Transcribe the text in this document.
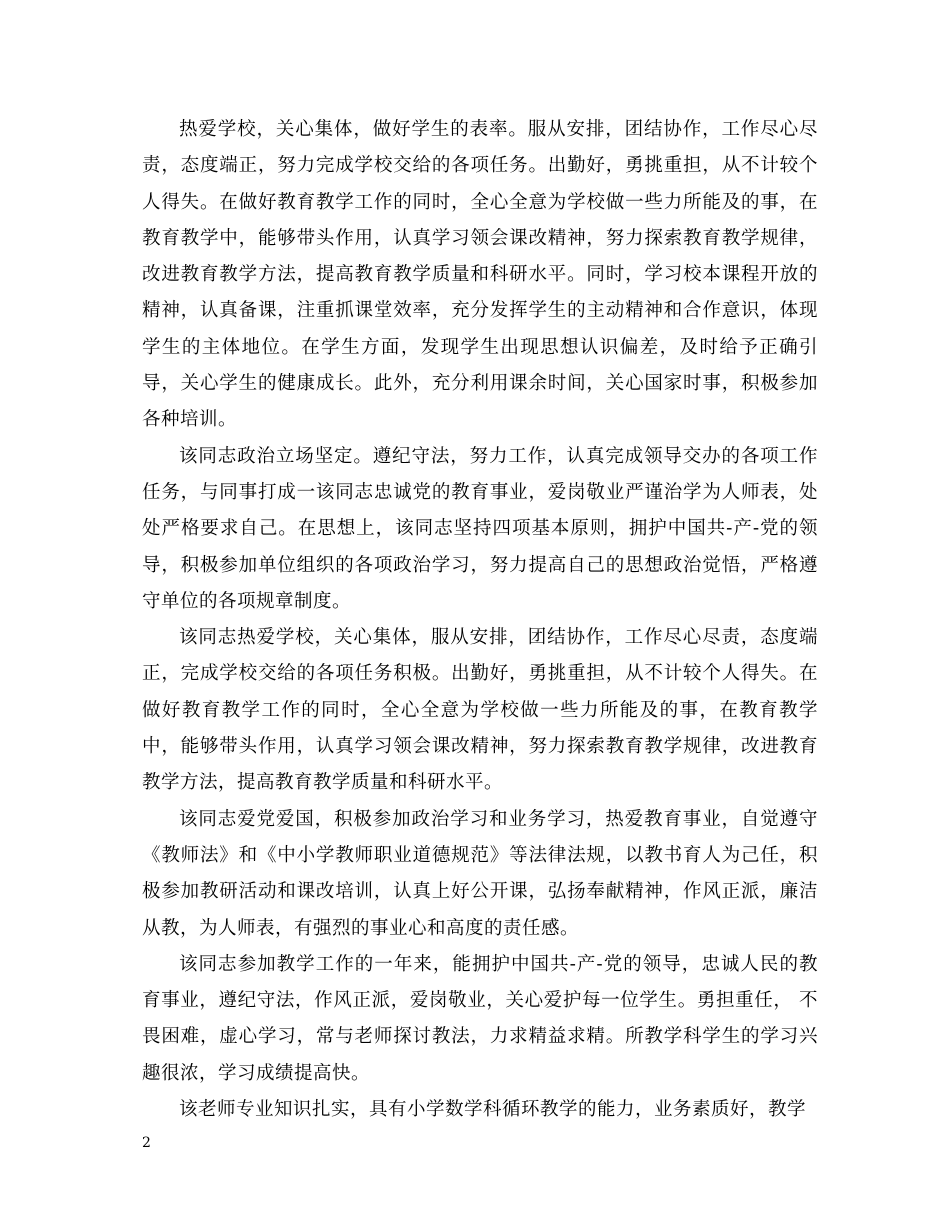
热爱学校，关心集体，做好学生的表率。服从安排，团结协作，工作尽心尽责，态度端正，努力完成学校交给的各项任务。出勤好，勇挑重担，从不计较个人得失。在做好教育教学工作的同时，全心全意为学校做一些力所能及的事，在教育教学中，能够带头作用，认真学习领会课改精神，努力探索教育教学规律，改进教育教学方法，提高教育教学质量和科研水平。同时，学习校本课程开放的精神，认真备课，注重抓课堂效率，充分发挥学生的主动精神和合作意识，体现学生的主体地位。在学生方面，发现学生出现思想认识偏差，及时给予正确引导，关心学生的健康成长。此外，充分利用课余时间，关心国家时事，积极参加各种培训。

该同志政治立场坚定。遵纪守法，努力工作，认真完成领导交办的各项工作任务，与同事打成一该同志忠诚党的教育事业，爱岗敬业严谨治学为人师表，处处严格要求自己。在思想上，该同志坚持四项基本原则，拥护中国共-产-党的领导，积极参加单位组织的各项政治学习，努力提高自己的思想政治觉悟，严格遵守单位的各项规章制度。

该同志热爱学校，关心集体，服从安排，团结协作，工作尽心尽责，态度端正，完成学校交给的各项任务积极。出勤好，勇挑重担，从不计较个人得失。在做好教育教学工作的同时，全心全意为学校做一些力所能及的事，在教育教学中，能够带头作用，认真学习领会课改精神，努力探索教育教学规律，改进教育教学方法，提高教育教学质量和科研水平。

该同志爱党爱国，积极参加政治学习和业务学习，热爱教育事业，自觉遵守《教师法》和《中小学教师职业道德规范》等法律法规，以教书育人为己任，积极参加教研活动和课改培训，认真上好公开课，弘扬奉献精神，作风正派，廉洁从教，为人师表，有强烈的事业心和高度的责任感。

该同志参加教学工作的一年来，能拥护中国共-产-党的领导，忠诚人民的教育事业，遵纪守法，作风正派，爱岗敬业，关心爱护每一位学生。勇担重任， 不畏困难，虚心学习，常与老师探讨教法，力求精益求精。所教学科学生的学习兴趣很浓，学习成绩提高快。

该老师专业知识扎实，具有小学数学科循环教学的能力，业务素质好，教学

2
